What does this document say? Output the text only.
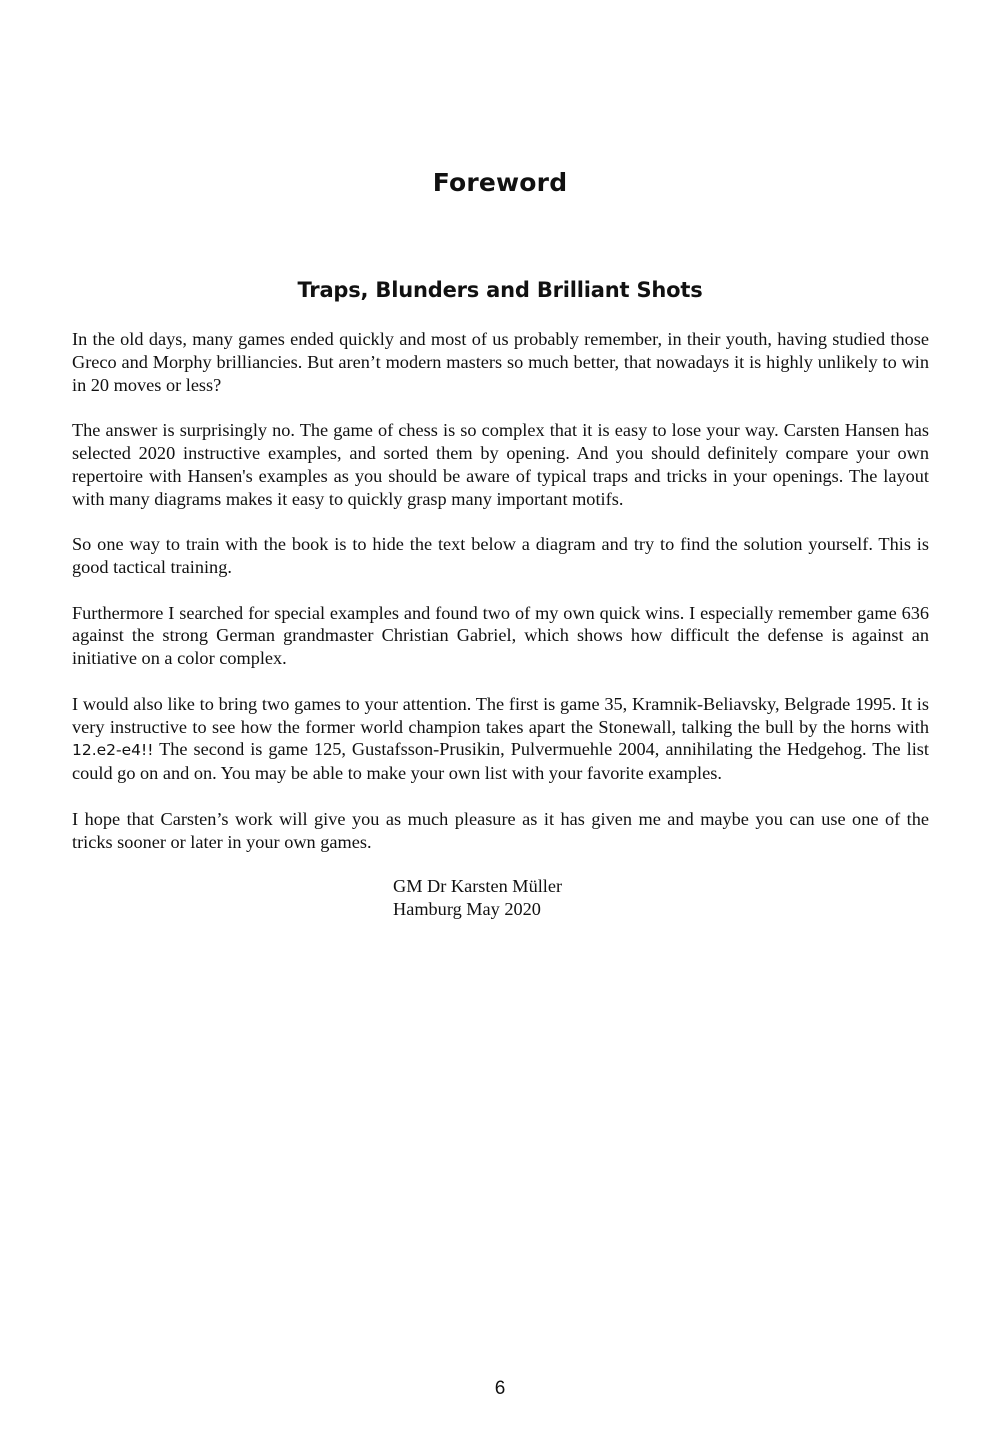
Foreword
Traps, Blunders and Brilliant Shots

In the old days, many games ended quickly and most of us probably remember, in their youth, having studied those Greco and Morphy brilliancies. But aren’t modern masters so much better, that nowadays it is highly unlikely to win in 20 moves or less?

The answer is surprisingly no. The game of chess is so complex that it is easy to lose your way. Carsten Hansen has selected 2020 instructive examples, and sorted them by opening. And you should definitely compare your own repertoire with Hansen's examples as you should be aware of typical traps and tricks in your openings. The layout with many diagrams makes it easy to quickly grasp many important motifs.

So one way to train with the book is to hide the text below a diagram and try to find the solution yourself. This is good tactical training.

Furthermore I searched for special examples and found two of my own quick wins. I especially remember game 636 against the strong German grandmaster Christian Gabriel, which shows how difficult the defense is against an initiative on a color complex.

I would also like to bring two games to your attention. The first is game 35, Kramnik-Beliavsky, Belgrade 1995. It is very instructive to see how the former world champion takes apart the Stonewall, talking the bull by the horns with 12.e2-e4!! The second is game 125, Gustafsson-Prusikin, Pulvermuehle 2004, annihilating the Hedgehog. The list could go on and on. You may be able to make your own list with your favorite examples.

I hope that Carsten’s work will give you as much pleasure as it has given me and maybe you can use one of the tricks sooner or later in your own games.

GM Dr Karsten Müller
Hamburg May 2020
6
